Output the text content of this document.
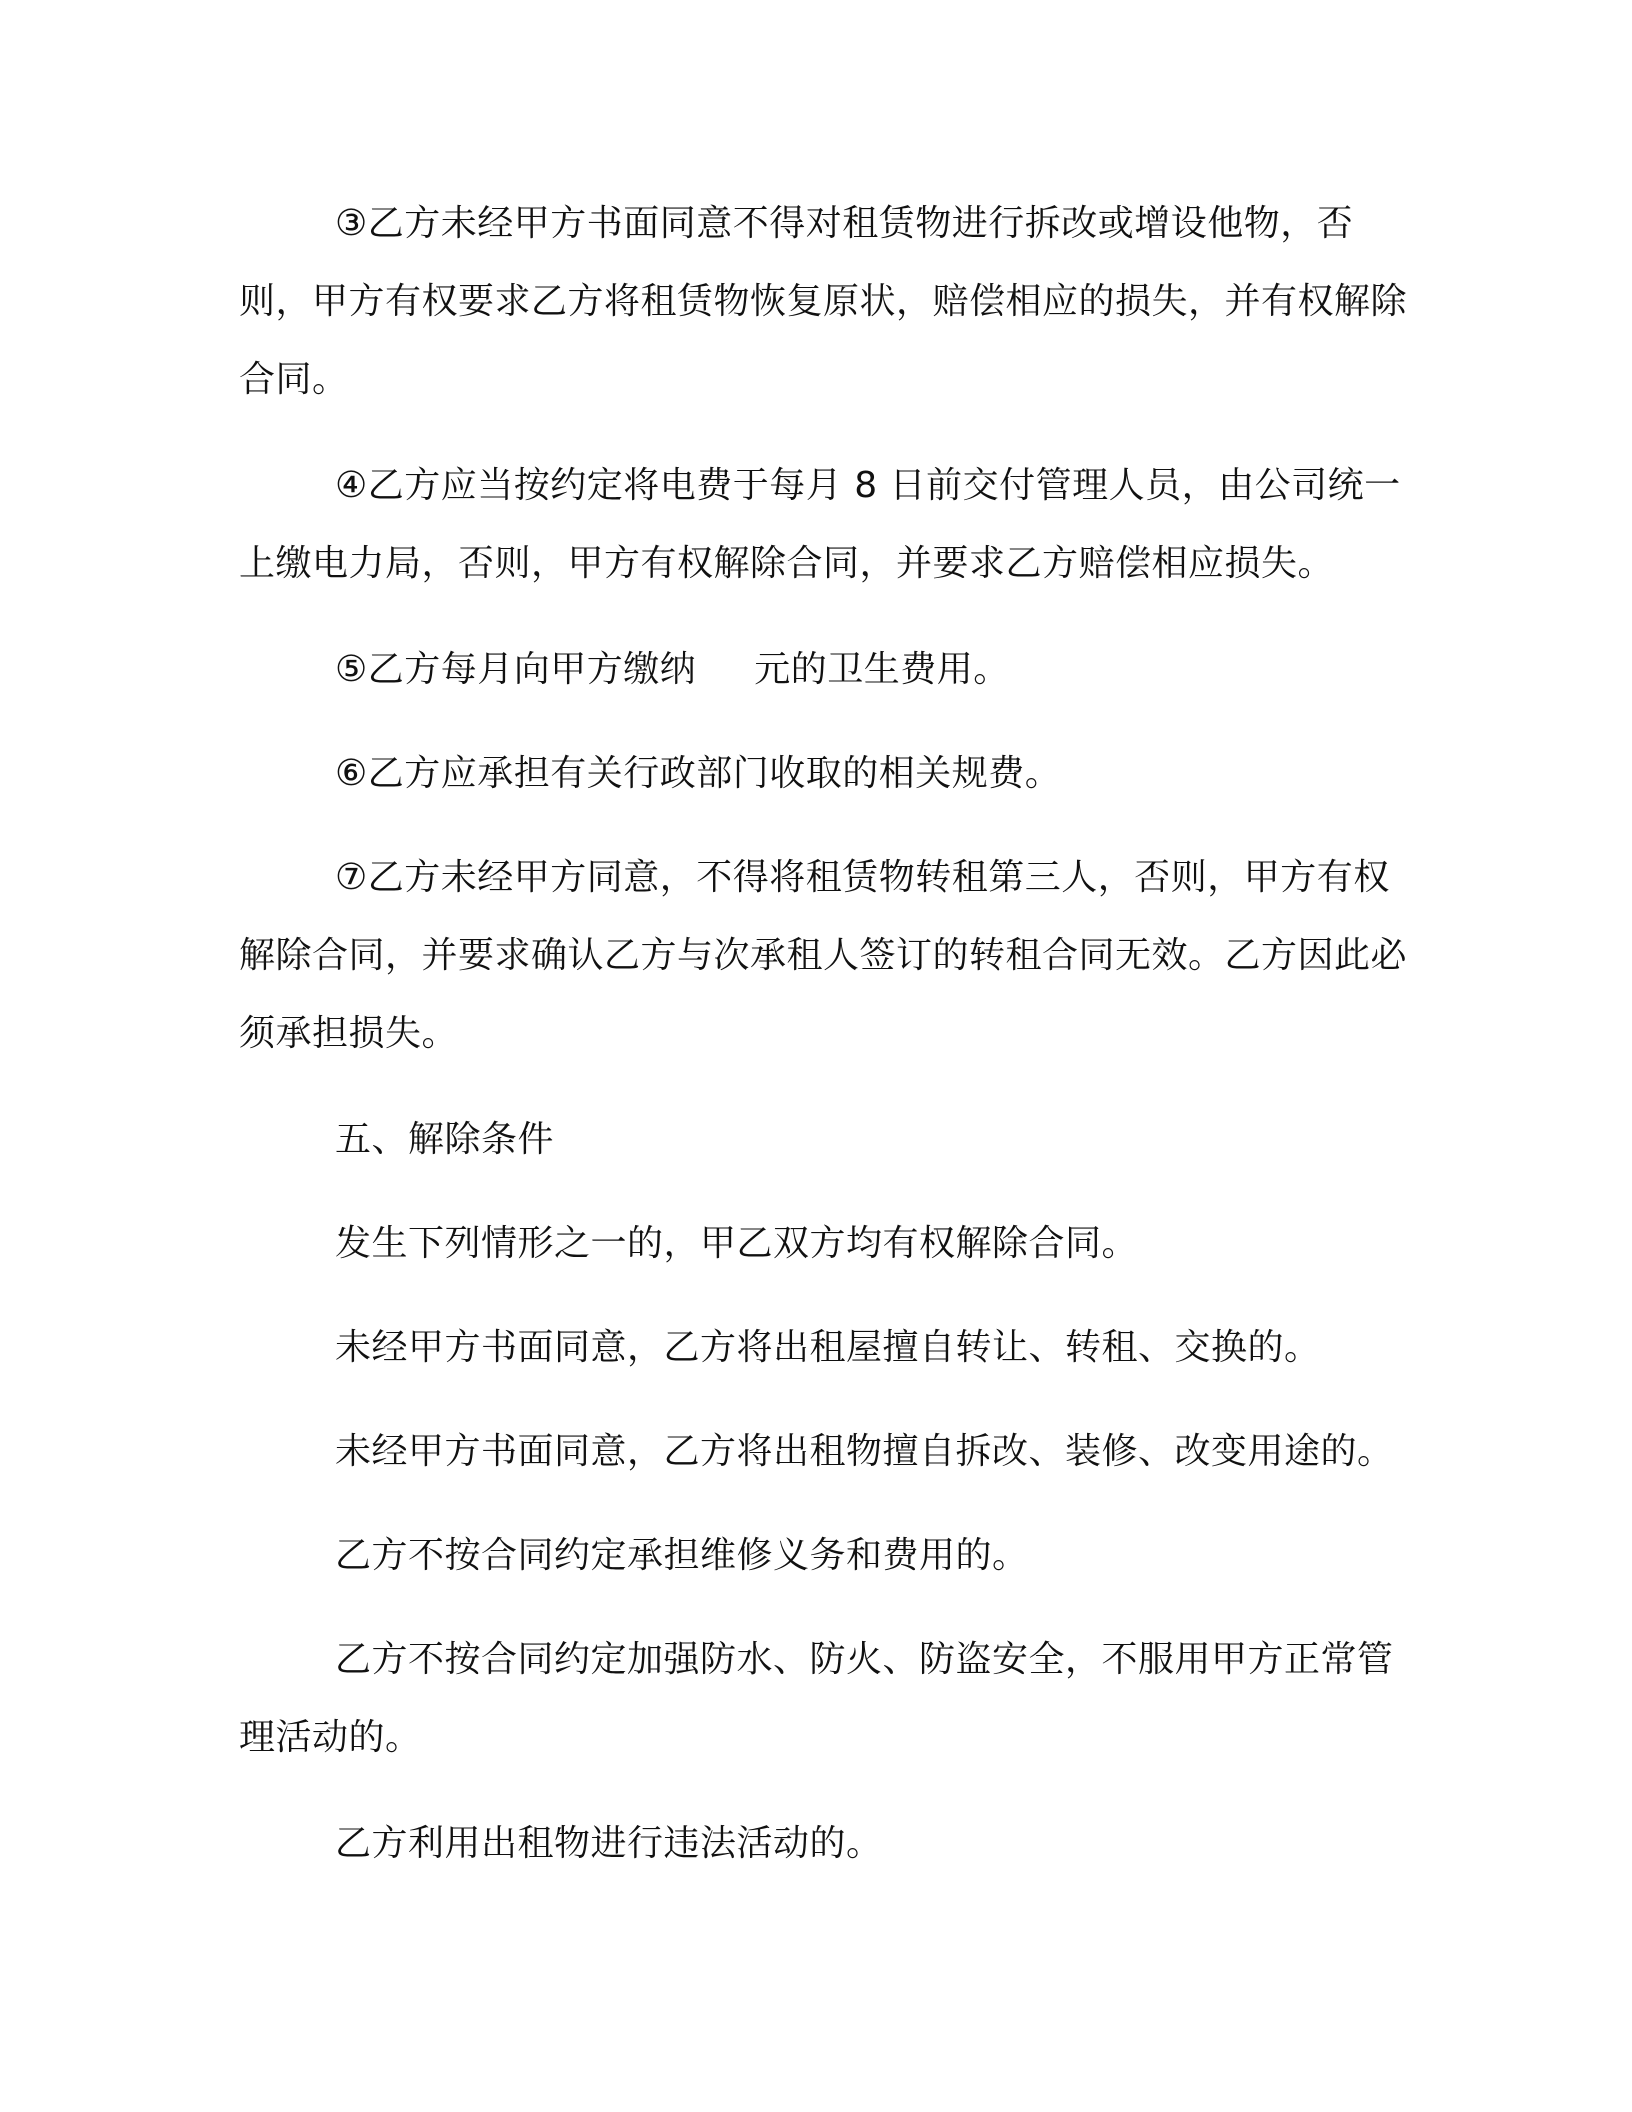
③乙方未经甲方书面同意不得对租赁物进行拆改或增设他物，否则，甲方有权要求乙方将租赁物恢复原状，赔偿相应的损失，并有权解除合同。

④乙方应当按约定将电费于每月 8 日前交付管理人员，由公司统一上缴电力局，否则，甲方有权解除合同，并要求乙方赔偿相应损失。

⑤乙方每月向甲方缴纳 元的卫生费用。

⑥乙方应承担有关行政部门收取的相关规费。

⑦乙方未经甲方同意，不得将租赁物转租第三人，否则，甲方有权解除合同，并要求确认乙方与次承租人签订的转租合同无效。乙方因此必须承担损失。

五、解除条件

发生下列情形之一的，甲乙双方均有权解除合同。

未经甲方书面同意，乙方将出租屋擅自转让、转租、交换的。

未经甲方书面同意，乙方将出租物擅自拆改、装修、改变用途的。

乙方不按合同约定承担维修义务和费用的。

乙方不按合同约定加强防水、防火、防盗安全，不服用甲方正常管理活动的。

乙方利用出租物进行违法活动的。
